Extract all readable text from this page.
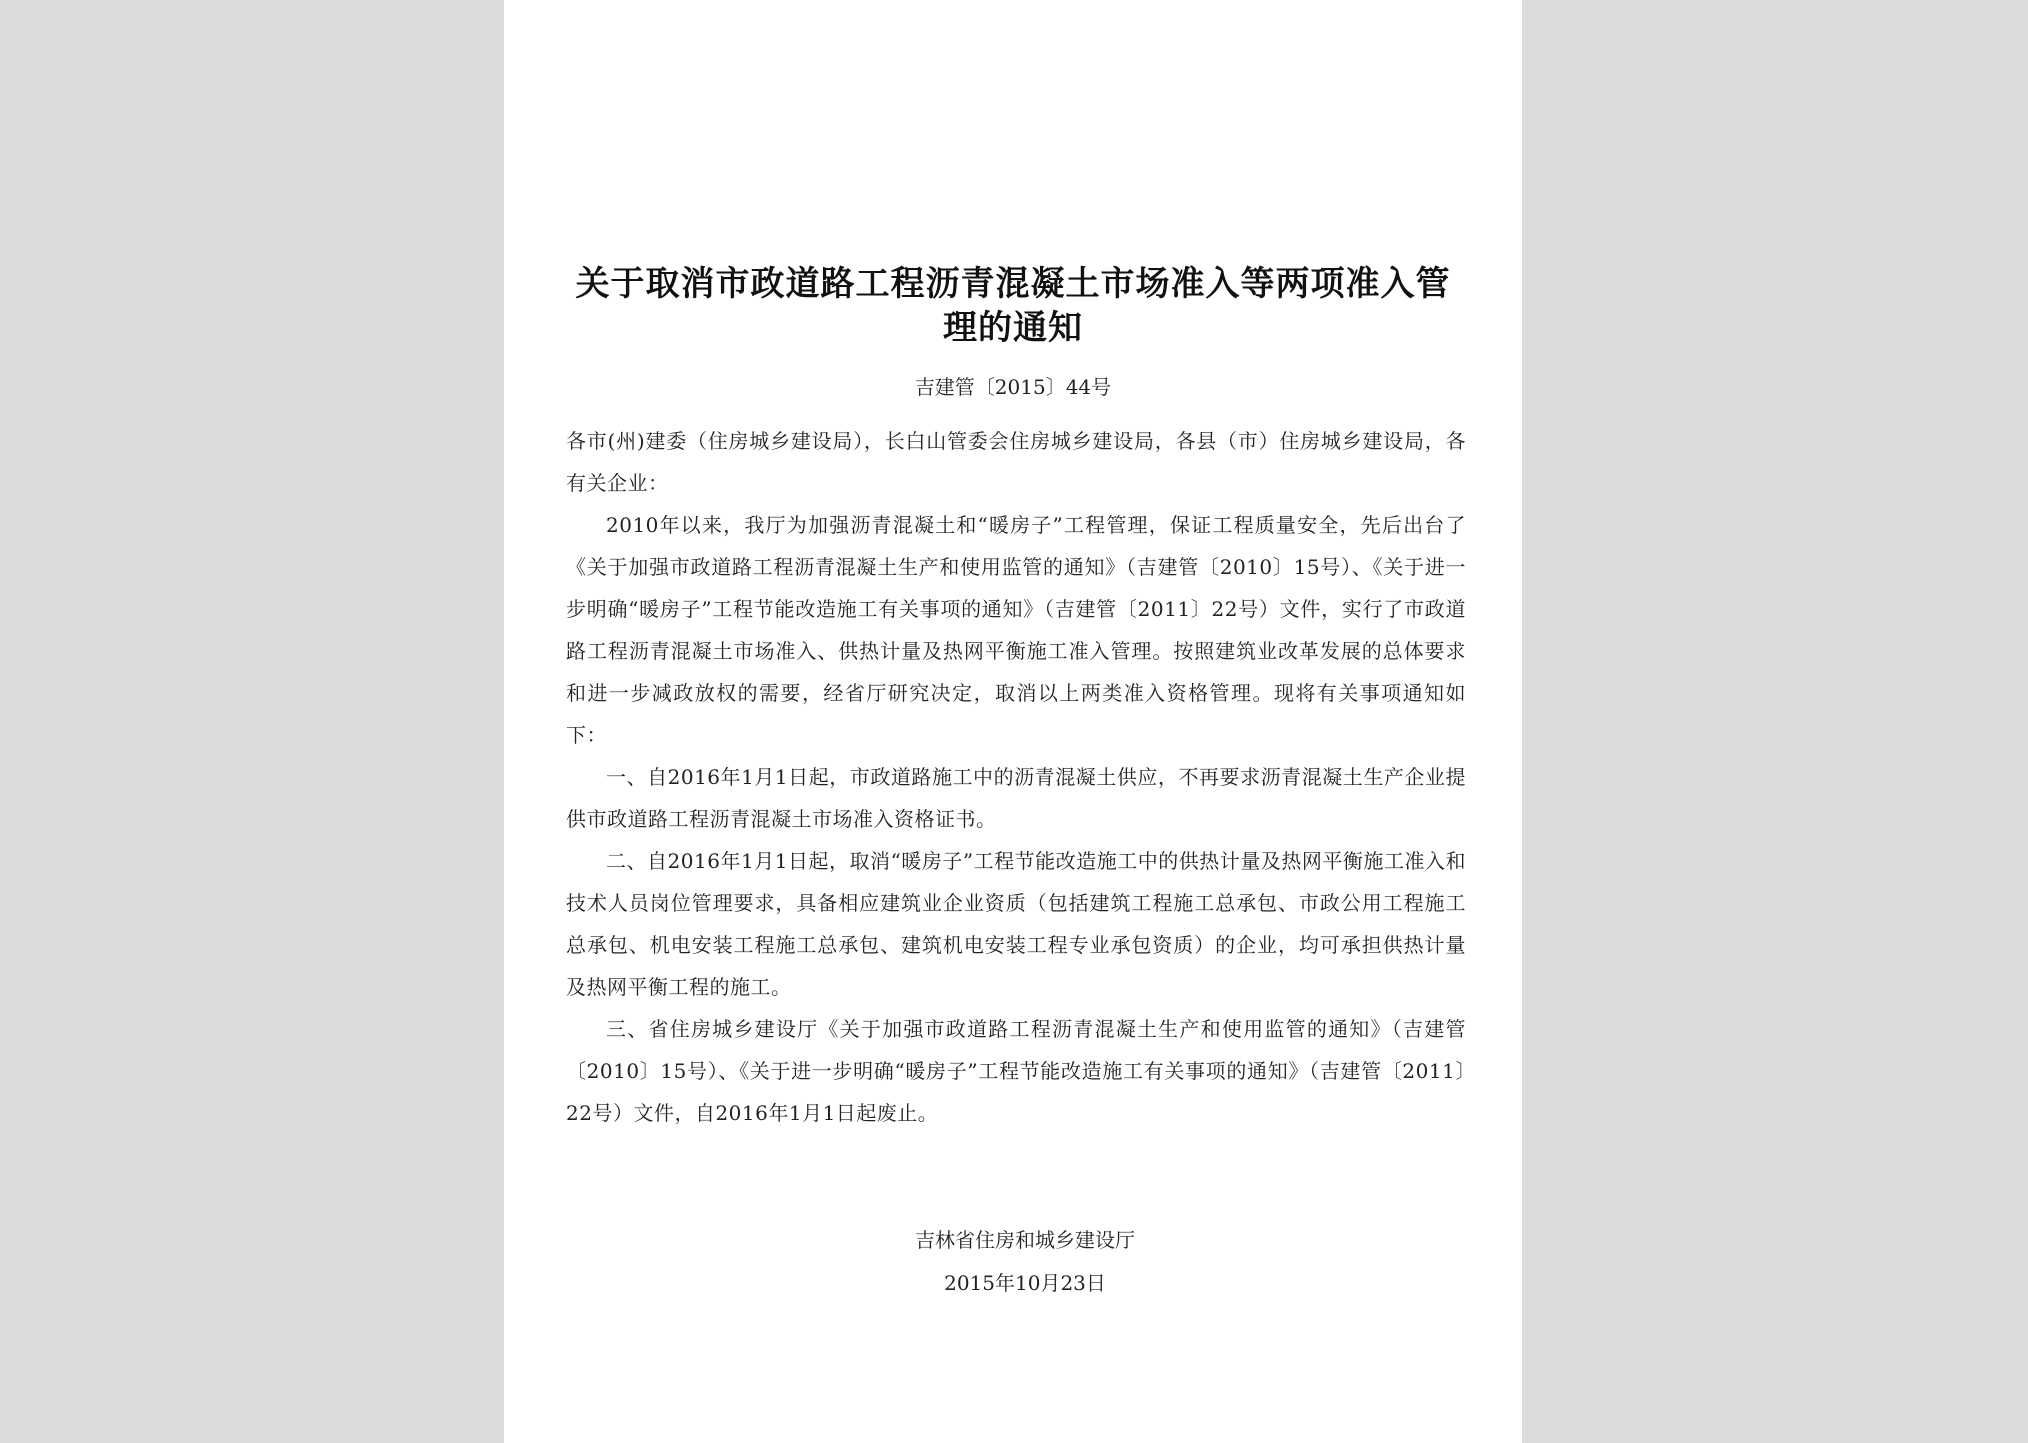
关于取消市政道路工程沥青混凝土市场准入等两项准入管理的通知
吉建管〔2015〕44号

各市(州)建委（住房城乡建设局），长白山管委会住房城乡建设局，各县（市）住房城乡建设局，各有关企业：

2010年以来，我厅为加强沥青混凝土和“暖房子”工程管理，保证工程质量安全，先后出台了《关于加强市政道路工程沥青混凝土生产和使用监管的通知》（吉建管〔2010〕15号）、《关于进一步明确“暖房子”工程节能改造施工有关事项的通知》（吉建管〔2011〕22号）文件，实行了市政道路工程沥青混凝土市场准入、供热计量及热网平衡施工准入管理。按照建筑业改革发展的总体要求和进一步减政放权的需要，经省厅研究决定，取消以上两类准入资格管理。现将有关事项通知如下：

一、自2016年1月1日起，市政道路施工中的沥青混凝土供应，不再要求沥青混凝土生产企业提供市政道路工程沥青混凝土市场准入资格证书。

二、自2016年1月1日起，取消“暖房子”工程节能改造施工中的供热计量及热网平衡施工准入和技术人员岗位管理要求，具备相应建筑业企业资质（包括建筑工程施工总承包、市政公用工程施工总承包、机电安装工程施工总承包、建筑机电安装工程专业承包资质）的企业，均可承担供热计量及热网平衡工程的施工。

三、省住房城乡建设厅《关于加强市政道路工程沥青混凝土生产和使用监管的通知》（吉建管〔2010〕15号）、《关于进一步明确“暖房子”工程节能改造施工有关事项的通知》（吉建管〔2011〕22号）文件，自2016年1月1日起废止。

吉林省住房和城乡建设厅
2015年10月23日
